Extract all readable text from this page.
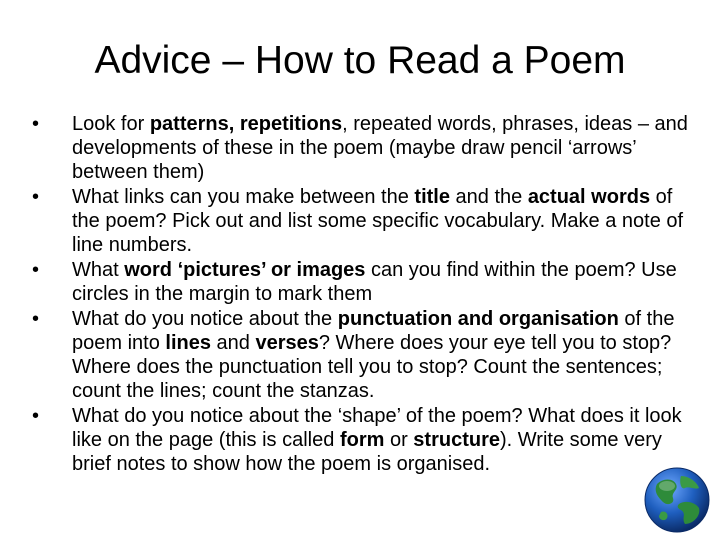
Advice – How to Read a Poem
• Look for patterns, repetitions, repeated words, phrases, ideas – and developments of these in the poem (maybe draw pencil ‘arrows’ between them)
• What links can you make between the title and the actual words of the poem? Pick out and list some specific vocabulary. Make a note of line numbers.
• What word ‘pictures’ or images can you find within the poem? Use circles in the margin to mark them
• What do you notice about the punctuation and organisation of the poem into lines and verses? Where does your eye tell you to stop? Where does the punctuation tell you to stop? Count the sentences; count the lines; count the stanzas.
• What do you notice about the ‘shape’ of the poem? What does it look like on the page (this is called form or structure). Write some very brief notes to show how the poem is organised.
